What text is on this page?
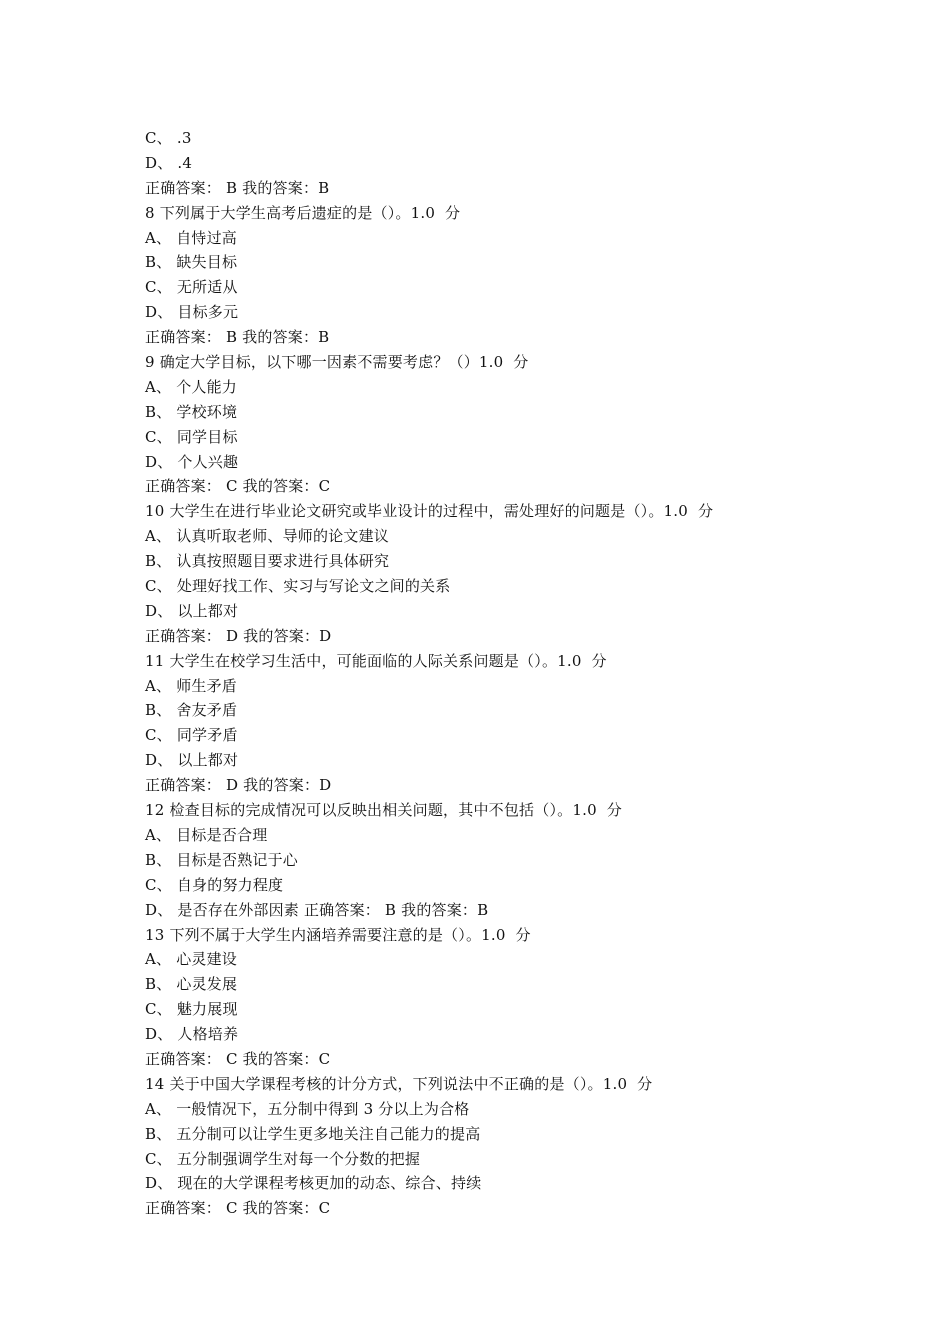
C、 .3
D、 .4
正确答案： B 我的答案：B
8 下列属于大学生高考后遗症的是（）。1.0  分
A、 自恃过高
B、 缺失目标
C、 无所适从
D、 目标多元
正确答案： B 我的答案：B
9 确定大学目标，以下哪一因素不需要考虑？（）1.0  分
A、 个人能力
B、 学校环境
C、 同学目标
D、 个人兴趣
正确答案： C 我的答案：C
10 大学生在进行毕业论文研究或毕业设计的过程中，需处理好的问题是（）。1.0  分
A、 认真听取老师、导师的论文建议
B、 认真按照题目要求进行具体研究
C、 处理好找工作、实习与写论文之间的关系
D、 以上都对
正确答案： D 我的答案：D
11 大学生在校学习生活中，可能面临的人际关系问题是（）。1.0  分
A、 师生矛盾
B、 舍友矛盾
C、 同学矛盾
D、 以上都对
正确答案： D 我的答案：D
12 检查目标的完成情况可以反映出相关问题，其中不包括（）。1.0  分
A、 目标是否合理
B、 目标是否熟记于心
C、 自身的努力程度
D、 是否存在外部因素 正确答案： B 我的答案：B
13 下列不属于大学生内涵培养需要注意的是（）。1.0  分
A、 心灵建设
B、 心灵发展
C、 魅力展现
D、 人格培养
正确答案： C 我的答案：C
14 关于中国大学课程考核的计分方式，下列说法中不正确的是（）。1.0  分
A、 一般情况下，五分制中得到 3 分以上为合格
B、 五分制可以让学生更多地关注自己能力的提高
C、 五分制强调学生对每一个分数的把握
D、 现在的大学课程考核更加的动态、综合、持续
正确答案： C 我的答案：C
